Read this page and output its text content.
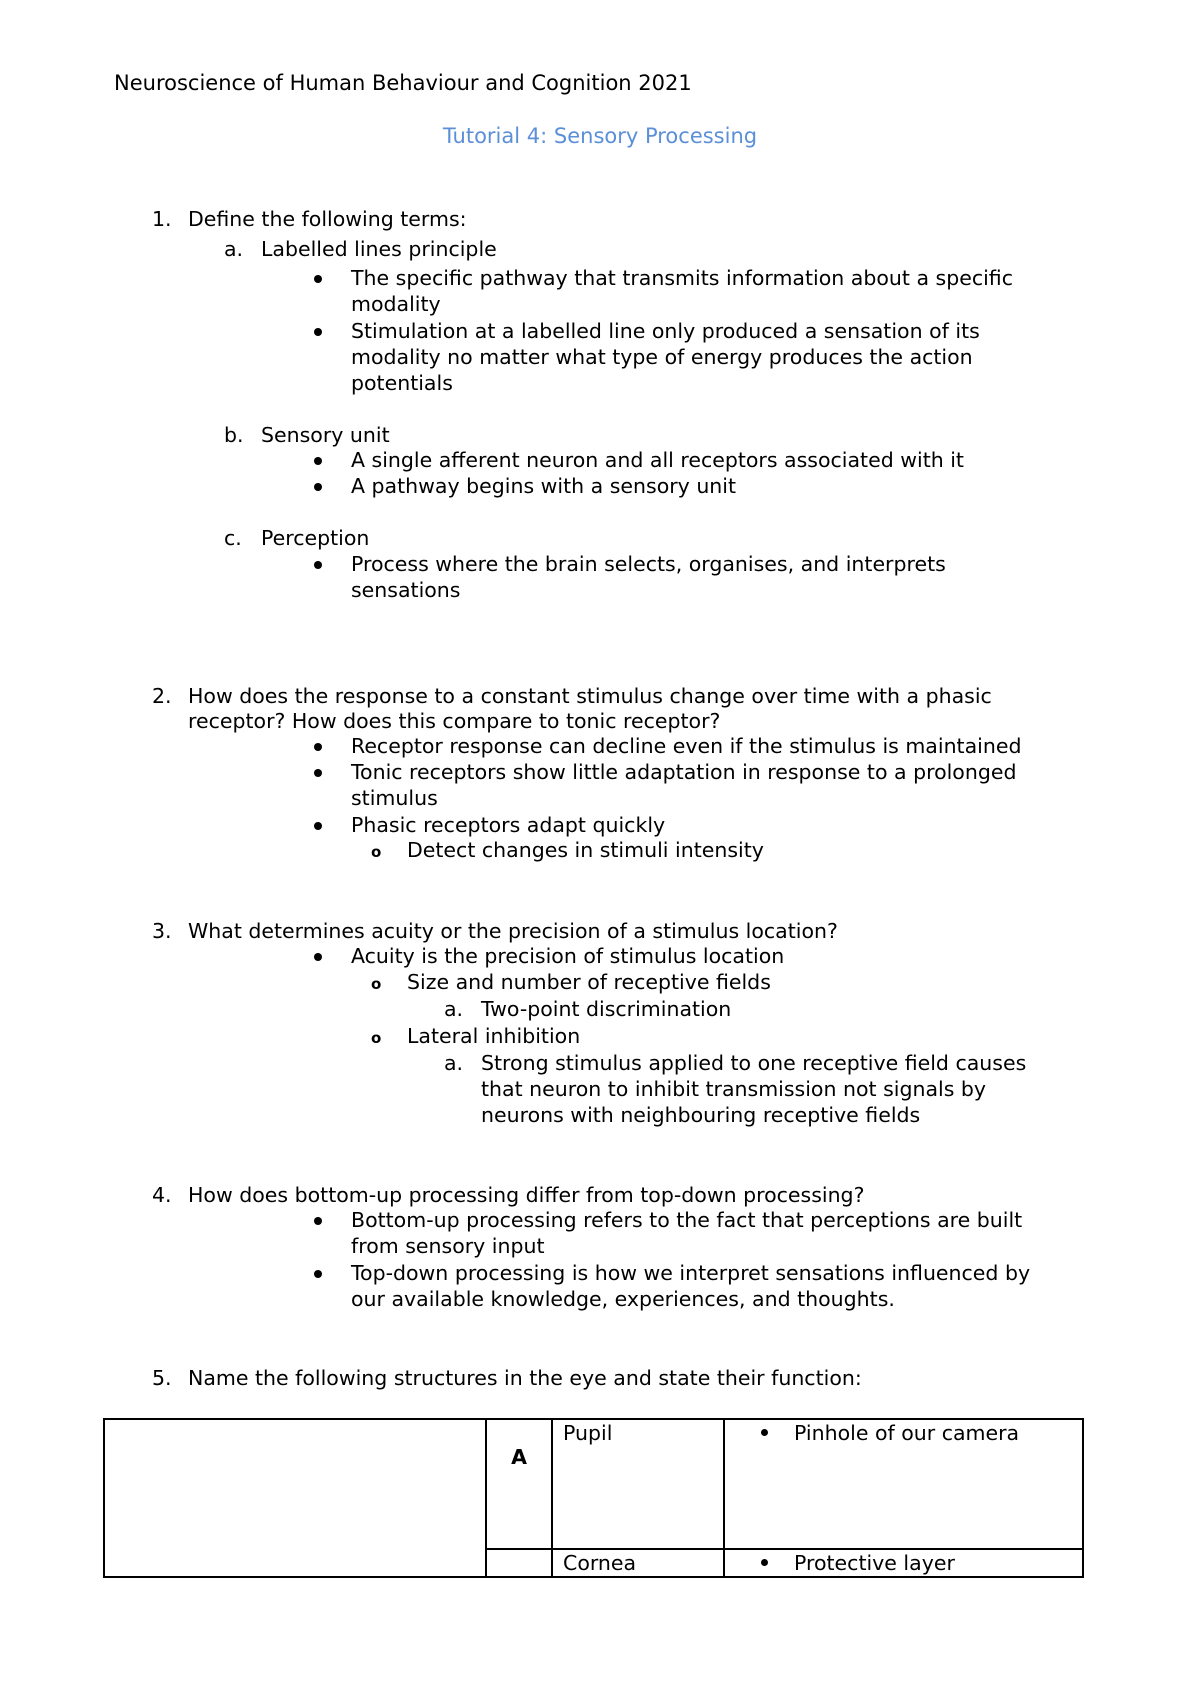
Neuroscience of Human Behaviour and Cognition 2021
Tutorial 4: Sensory Processing
1. Define the following terms:
a. Labelled lines principle
The specific pathway that transmits information about a specific
modality
Stimulation at a labelled line only produced a sensation of its
modality no matter what type of energy produces the action
potentials
b. Sensory unit
A single afferent neuron and all receptors associated with it
A pathway begins with a sensory unit
c. Perception
Process where the brain selects, organises, and interprets
sensations
2. How does the response to a constant stimulus change over time with a phasic
receptor? How does this compare to tonic receptor?
Receptor response can decline even if the stimulus is maintained
Tonic receptors show little adaptation in response to a prolonged
stimulus
Phasic receptors adapt quickly
o Detect changes in stimuli intensity
3. What determines acuity or the precision of a stimulus location?
Acuity is the precision of stimulus location
o Size and number of receptive fields
a. Two-point discrimination
o Lateral inhibition
a. Strong stimulus applied to one receptive field causes
that neuron to inhibit transmission not signals by
neurons with neighbouring receptive fields
4. How does bottom-up processing differ from top-down processing?
Bottom-up processing refers to the fact that perceptions are built
from sensory input
Top-down processing is how we interpret sensations influenced by
our available knowledge, experiences, and thoughts.
5. Name the following structures in the eye and state their function:
	A	Pupil	Pinhole of our camera
		Cornea	Protective layer
